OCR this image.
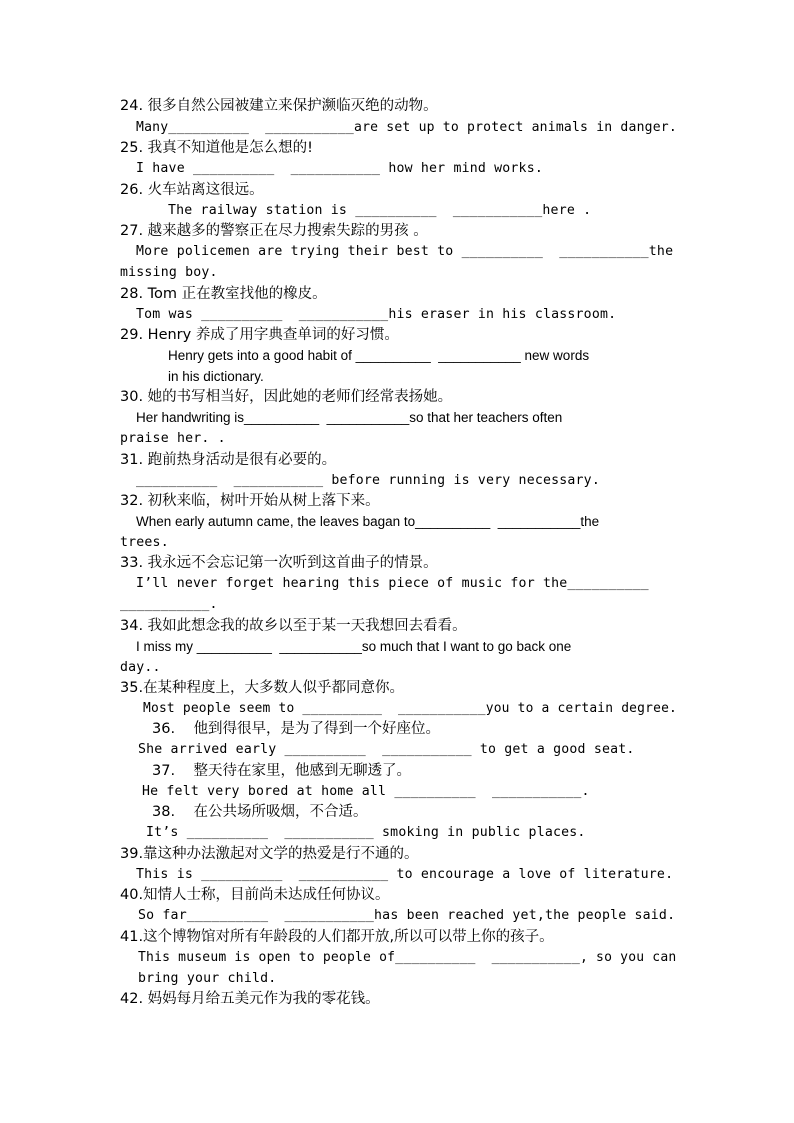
24. 很多自然公园被建立来保护濒临灭绝的动物。
Many__________  ___________are set up to protect animals in danger.
25. 我真不知道他是怎么想的!
I have __________  ___________ how her mind works.
26. 火车站离这很远。
The railway station is __________  ___________here .
27. 越来越多的警察正在尽力搜索失踪的男孩 。
More policemen are trying their best to __________  ___________the
missing boy.
28. Tom 正在教室找他的橡皮。
Tom was __________  ___________his eraser in his classroom.
29. Henry 养成了用字典查单词的好习惯。
Henry gets into a good habit of __________  ___________ new words
in his dictionary.
30. 她的书写相当好，因此她的老师们经常表扬她。
Her handwriting is__________  ___________so that her teachers often
praise her. .
31. 跑前热身活动是很有必要的。
__________  ___________ before running is very necessary.
32. 初秋来临，树叶开始从树上落下来。
When early autumn came, the leaves bagan to__________  ___________the
trees.
33. 我永远不会忘记第一次听到这首曲子的情景。
I’ll never forget hearing this piece of music for the__________
___________.
34. 我如此想念我的故乡以至于某一天我想回去看看。
I miss my __________  ___________so much that I want to go back one
day..
35.在某种程度上，大多数人似乎都同意你。
Most people seem to __________  ___________you to a certain degree.
36.    他到得很早，是为了得到一个好座位。
She arrived early __________  ___________ to get a good seat.
37.    整天待在家里，他感到无聊透了。
He felt very bored at home all __________  ___________.
38.    在公共场所吸烟，不合适。
It’s __________  ___________ smoking in public places.
39.靠这种办法激起对文学的热爱是行不通的。
This is __________  ___________ to encourage a love of literature.
40.知情人士称，目前尚未达成任何协议。
So far__________  ___________has been reached yet,the people said.
41.这个博物馆对所有年龄段的人们都开放,所以可以带上你的孩子。
This museum is open to people of__________  ___________, so you can
bring your child.
42. 妈妈每月给五美元作为我的零花钱。
